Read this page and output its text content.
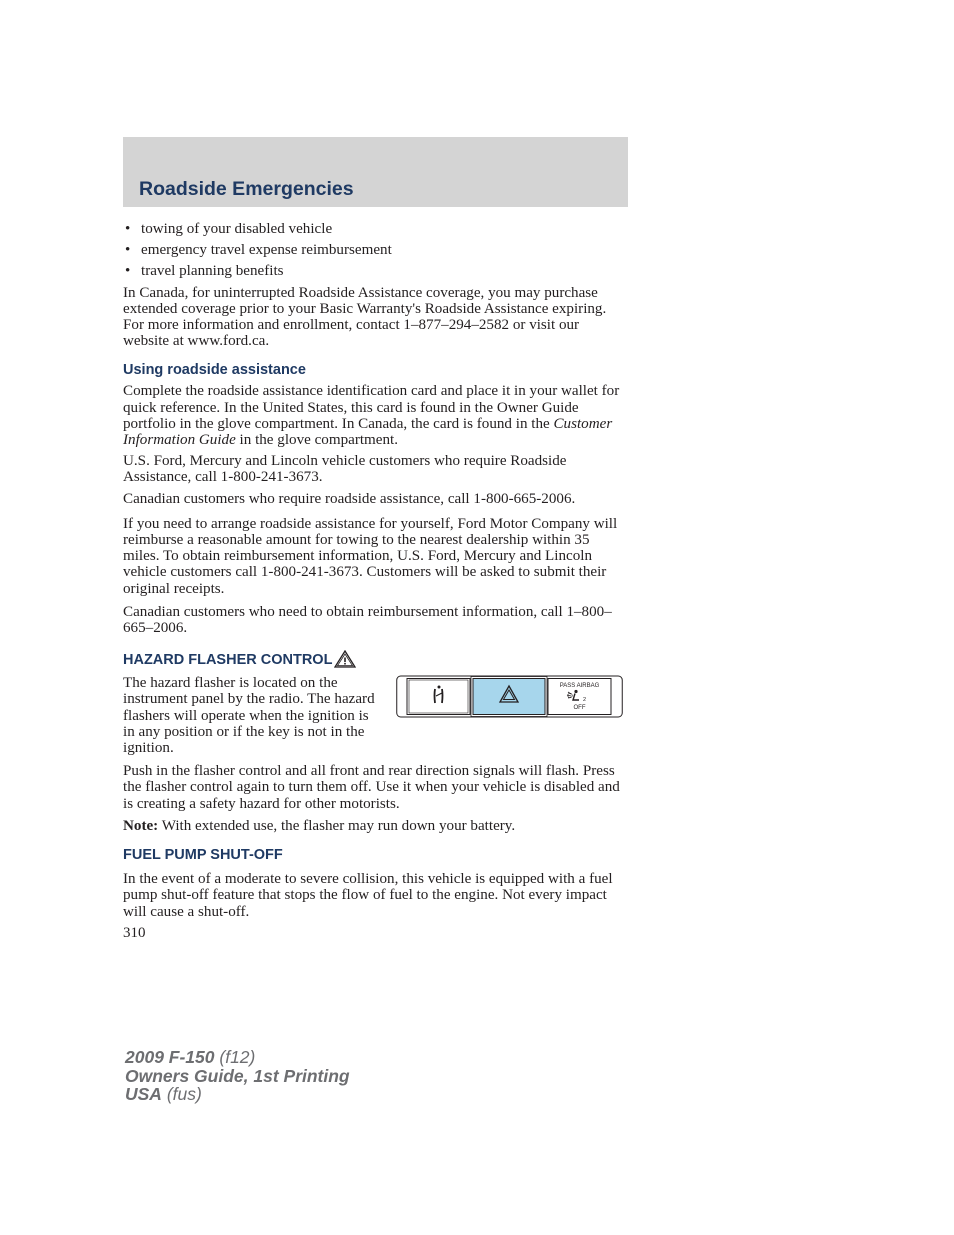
Roadside Emergencies
• towing of your disabled vehicle
• emergency travel expense reimbursement
• travel planning benefits

In Canada, for uninterrupted Roadside Assistance coverage, you may purchase extended coverage prior to your Basic Warranty's Roadside Assistance expiring. For more information and enrollment, contact 1–877–294–2582 or visit our website at www.ford.ca.

Using roadside assistance

Complete the roadside assistance identification card and place it in your wallet for quick reference. In the United States, this card is found in the Owner Guide portfolio in the glove compartment. In Canada, the card is found in the Customer Information Guide in the glove compartment.

U.S. Ford, Mercury and Lincoln vehicle customers who require Roadside Assistance, call 1-800-241-3673.

Canadian customers who require roadside assistance, call 1-800-665-2006.

If you need to arrange roadside assistance for yourself, Ford Motor Company will reimburse a reasonable amount for towing to the nearest dealership within 35 miles. To obtain reimbursement information, U.S. Ford, Mercury and Lincoln vehicle customers call 1-800-241-3673. Customers will be asked to submit their original receipts.

Canadian customers who need to obtain reimbursement information, call 1–800–665–2006.

HAZARD FLASHER CONTROL

The hazard flasher is located on the instrument panel by the radio. The hazard flashers will operate when the ignition is in any position or if the key is not in the ignition.

PASS AIRBAG
2
OFF

Push in the flasher control and all front and rear direction signals will flash. Press the flasher control again to turn them off. Use it when your vehicle is disabled and is creating a safety hazard for other motorists.

Note: With extended use, the flasher may run down your battery.

FUEL PUMP SHUT-OFF

In the event of a moderate to severe collision, this vehicle is equipped with a fuel pump shut-off feature that stops the flow of fuel to the engine. Not every impact will cause a shut-off.

310
2009 F-150 (f12)
Owners Guide, 1st Printing
USA (fus)
